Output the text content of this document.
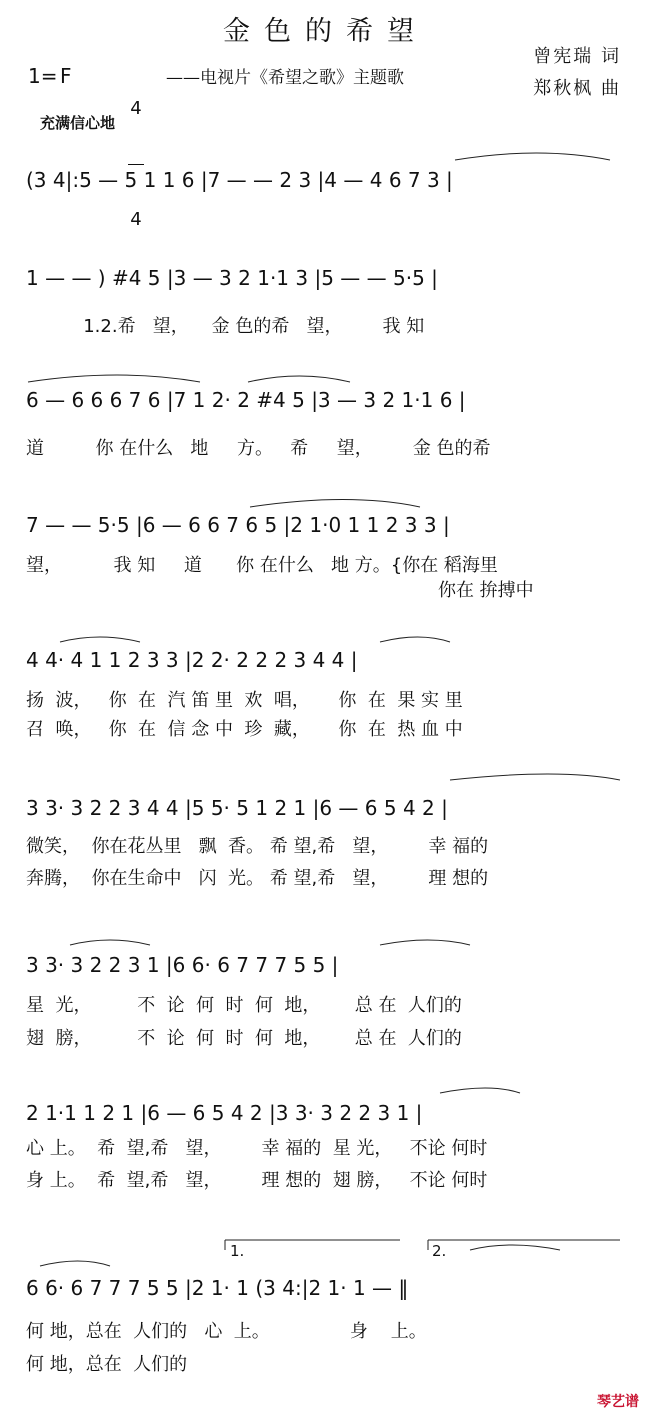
金色的希望
1= F

4

4

——电视片《希望之歌》主题歌
曾宪瑞 词
郑秋枫 曲
充满信心地
(3 4|:5 — 5 1 1 6 |7 — — 2 3 |4 — 4 6 7 3 |
1 — — ) #4 5 |3 — 3 2 1·1 3 |5 — — 5·5 |
1.2.希   望，    金 色的希   望，       我 知
6 — 6 6 6 7 6 |7 1 2· 2 #4 5 |3 — 3 2 1·1 6 |
道         你 在什么   地     方。   希     望，       金 色的希
7 — — 5·5 |6 — 6 6 7 6 5 |2 1·0 1 1 2 3 3 |
望，         我 知     道      你 在什么   地 方。{你在 稻海里
你在 拚搏中
4 4· 4 1 1 2 3 3 |2 2· 2 2 2 3 4 4 |
扬  波，   你  在  汽 笛 里  欢  唱，     你  在  果 实 里
召  唤，   你  在  信 念 中  珍  藏，     你  在  热 血 中
3 3· 3 2 2 3 4 4 |5 5· 5 1 2 1 |6 — 6 5 4 2 |
微笑，  你在花丛里   飘  香。 希 望,希   望，       幸 福的
奔腾，  你在生命中   闪  光。 希 望,希   望，       理 想的
3 3· 3 2 2 3 1 |6 6· 6 7 7 7 5 5 |
星  光，        不  论  何  时  何  地，      总 在  人们的
翅  膀，        不  论  何  时  何  地，      总 在  人们的
2 1·1 1 2 1 |6 — 6 5 4 2 |3 3· 3 2 2 3 1 |
心 上。  希  望,希   望，       幸 福的  星 光，   不论 何时
身 上。  希  望,希   望，       理 想的  翅 膀，   不论 何时
1.	2.
6 6· 6 7 7 7 5 5 |2 1· 1 (3 4:|2 1· 1 — ‖
何 地，总在  人们的   心  上。              身    上。
何 地，总在  人们的
琴艺谱
